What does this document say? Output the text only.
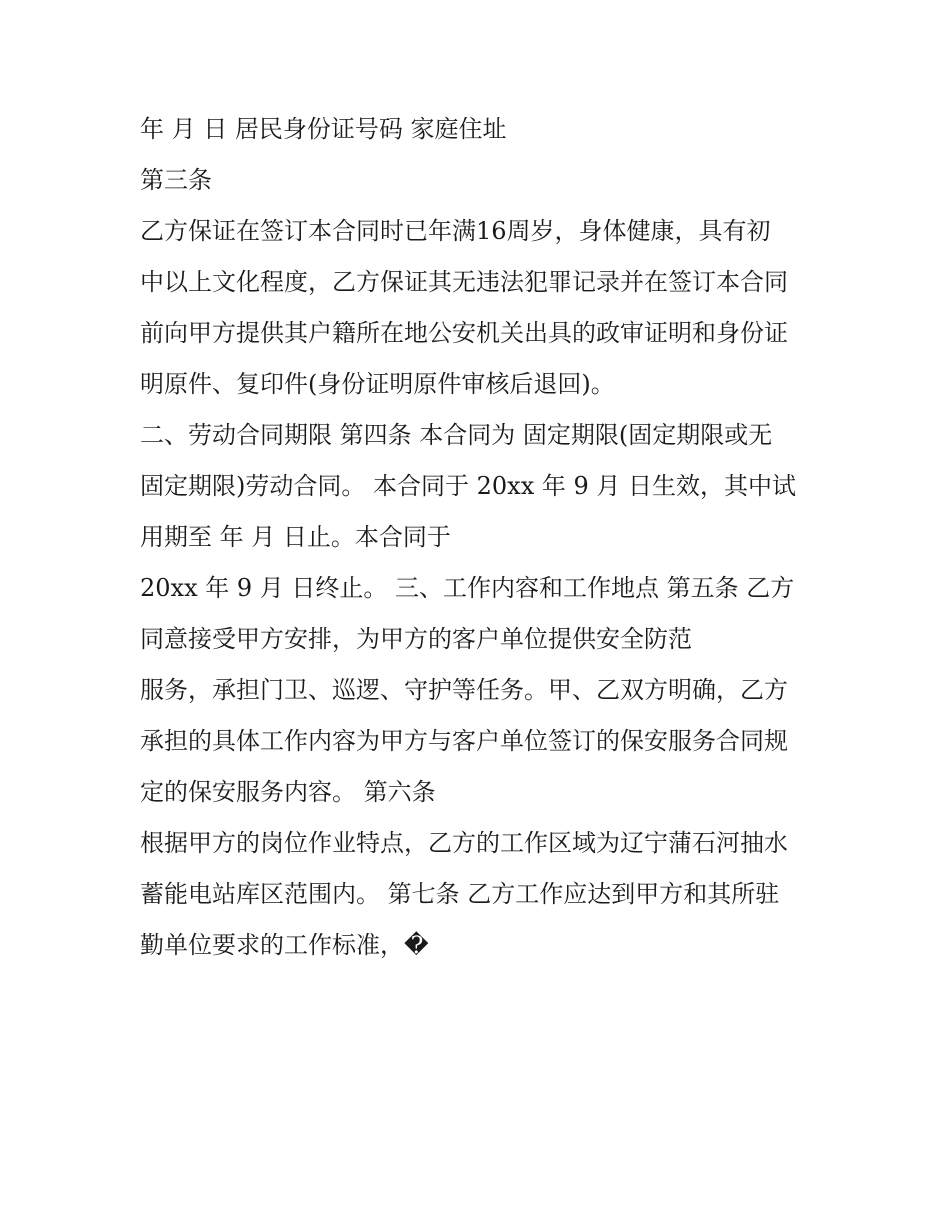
年 月 日 居民身份证号码 家庭住址
第三条
乙方保证在签订本合同时已年满16周岁，身体健康，具有初
中以上文化程度，乙方保证其无违法犯罪记录并在签订本合同
前向甲方提供其户籍所在地公安机关出具的政审证明和身份证
明原件、复印件(身份证明原件审核后退回)。
二、劳动合同期限 第四条 本合同为 固定期限(固定期限或无
固定期限)劳动合同。 本合同于 20xx 年 9 月 日生效，其中试
用期至 年 月 日止。本合同于
20xx 年 9 月 日终止。 三、工作内容和工作地点 第五条 乙方
同意接受甲方安排，为甲方的客户单位提供安全防范
服务，承担门卫、巡逻、守护等任务。甲、乙双方明确，乙方
承担的具体工作内容为甲方与客户单位签订的保安服务合同规
定的保安服务内容。 第六条
根据甲方的岗位作业特点，乙方的工作区域为辽宁蒲石河抽水
蓄能电站库区范围内。 第七条 乙方工作应达到甲方和其所驻
勤单位要求的工作标准，�
